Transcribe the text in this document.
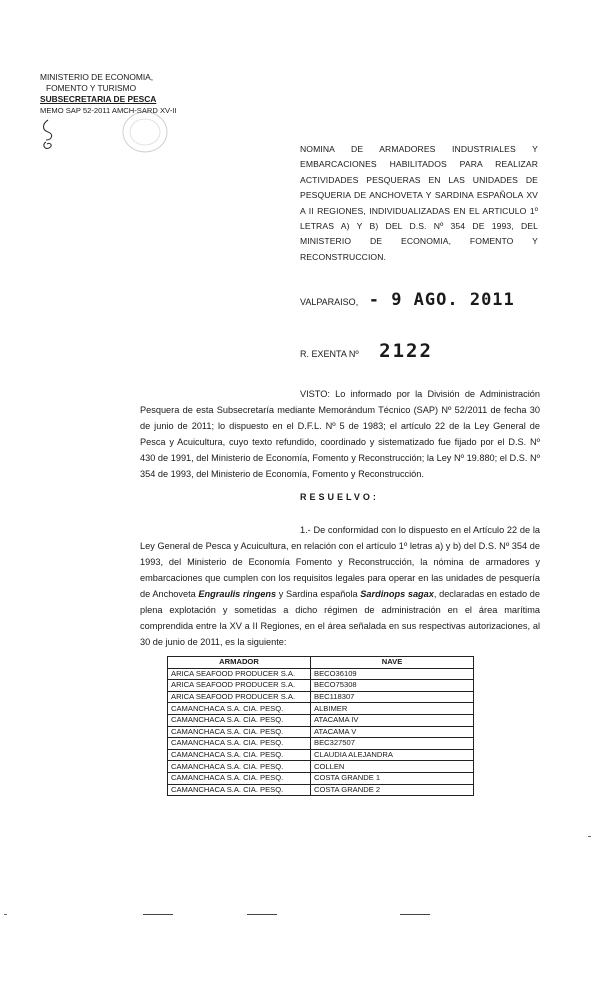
MINISTERIO DE ECONOMIA,
FOMENTO Y TURISMO
SUBSECRETARIA DE PESCA
MEMO SAP 52-2011 AMCH-SARD XV-II
NOMINA DE ARMADORES INDUSTRIALES Y EMBARCACIONES HABILITADOS PARA REALIZAR ACTIVIDADES PESQUERAS EN LAS UNIDADES DE PESQUERIA DE ANCHOVETA Y SARDINA ESPAÑOLA XV A II REGIONES, INDIVIDUALIZADAS EN EL ARTICULO 1º LETRAS A) Y B) DEL D.S. Nº 354 DE 1993, DEL MINISTERIO DE ECONOMIA, FOMENTO Y RECONSTRUCCION.
VALPARAISO, - 9 AGO. 2011
R. EXENTA Nº 2122
VISTO: Lo informado por la División de Administración Pesquera de esta Subsecretaría mediante Memorándum Técnico (SAP) Nº 52/2011 de fecha 30 de junio de 2011; lo dispuesto en el D.F.L. Nº 5 de 1983; el artículo 22 de la Ley General de Pesca y Acuicultura, cuyo texto refundido, coordinado y sistematizado fue fijado por el D.S. Nº 430 de 1991, del Ministerio de Economía, Fomento y Reconstrucción; la Ley Nº 19.880; el D.S. Nº 354 de 1993, del Ministerio de Economía, Fomento y Reconstrucción.
RESUELVO:
1.- De conformidad con lo dispuesto en el Artículo 22 de la Ley General de Pesca y Acuicultura, en relación con el artículo 1º letras a) y b) del D.S. Nº 354 de 1993, del Ministerio de Economía Fomento y Reconstrucción, la nómina de armadores y embarcaciones que cumplen con los requisitos legales para operar en las unidades de pesquería de Anchoveta Engraulis ringens y Sardina española Sardinops sagax, declaradas en estado de plena explotación y sometidas a dicho régimen de administración en el área marítima comprendida entre la XV a II Regiones, en el área señalada en sus respectivas autorizaciones, al 30 de junio de 2011, es la siguiente:
ARMADOR	NAVE
ARICA SEAFOOD PRODUCER S.A.	BECO36109
ARICA SEAFOOD PRODUCER S.A.	BECO75308
ARICA SEAFOOD PRODUCER S.A.	BEC118307
CAMANCHACA S.A. CIA. PESQ.	ALBIMER
CAMANCHACA S.A. CIA. PESQ.	ATACAMA IV
CAMANCHACA S.A. CIA. PESQ.	ATACAMA V
CAMANCHACA S.A. CIA. PESQ.	BEC327507
CAMANCHACA S.A. CIA. PESQ.	CLAUDIA ALEJANDRA
CAMANCHACA S.A. CIA. PESQ.	COLLEN
CAMANCHACA S.A. CIA. PESQ.	COSTA GRANDE 1
CAMANCHACA S.A. CIA. PESQ.	COSTA GRANDE 2
